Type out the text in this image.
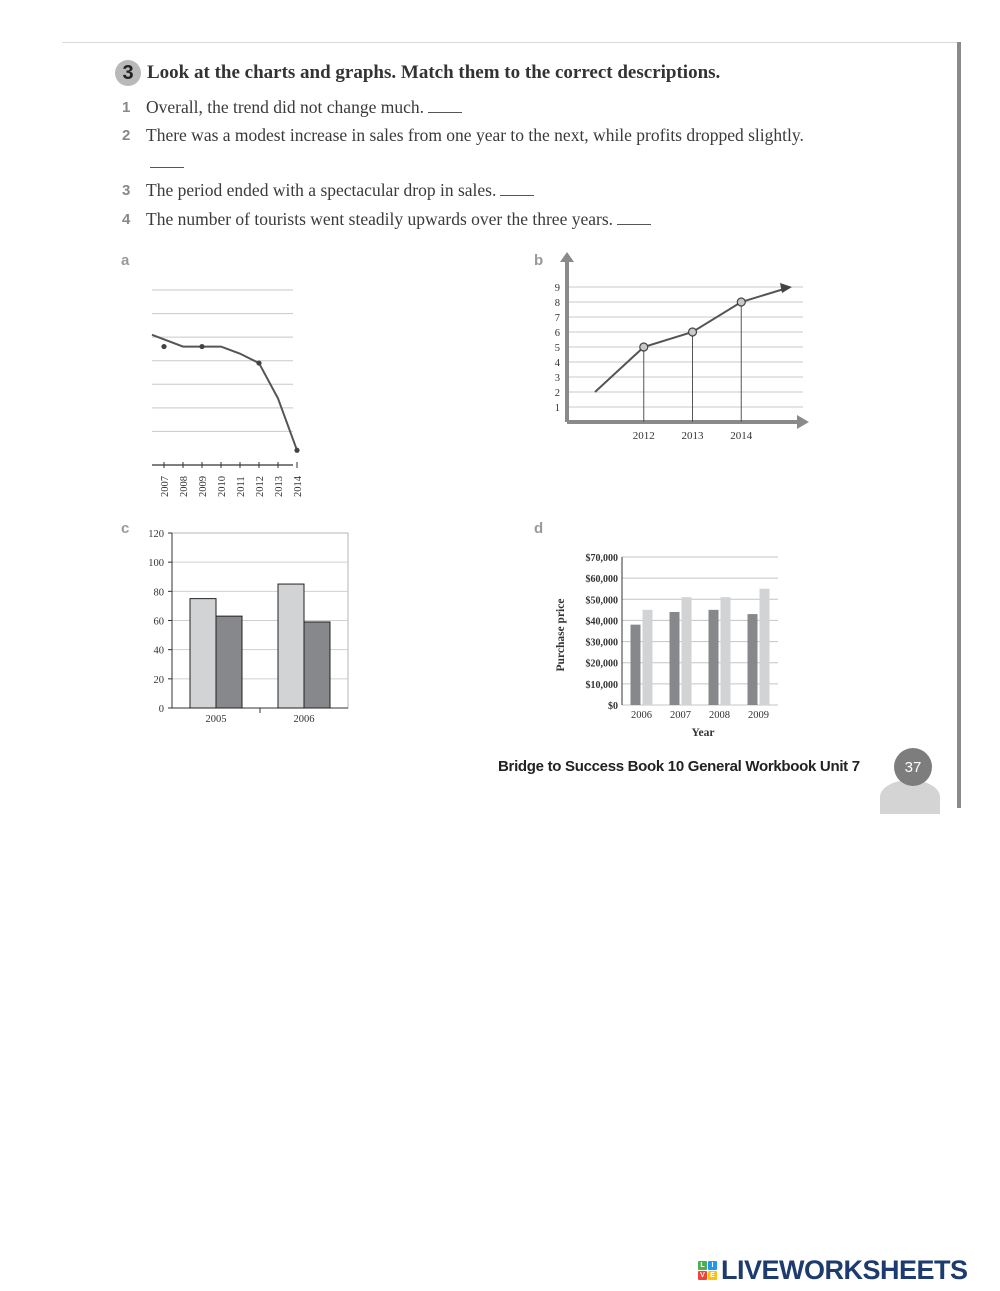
3 Look at the charts and graphs. Match them to the correct descriptions.
1 Overall, the trend did not change much.
2 There was a modest increase in sales from one year to the next, while profits dropped slightly.
3 The period ended with a spectacular drop in sales.
4 The number of tourists went steadily upwards over the three years.
a	b
c	d
2007 2008 2009 2010 2011 2012 2013 2014
1
2
3
4
5
6
7
8
9
2012 2013 2014
0
20
40
60
80
100
120
2005	2006
$0
$10,000
$20,000
$30,000
$40,000
$50,000
$60,000
$70,000
2006 2007 2008 2009
Year
Purchase price
Bridge to Success Book 10 General Workbook Unit 7	37
L I
V E LIVEWORKSHEETS
